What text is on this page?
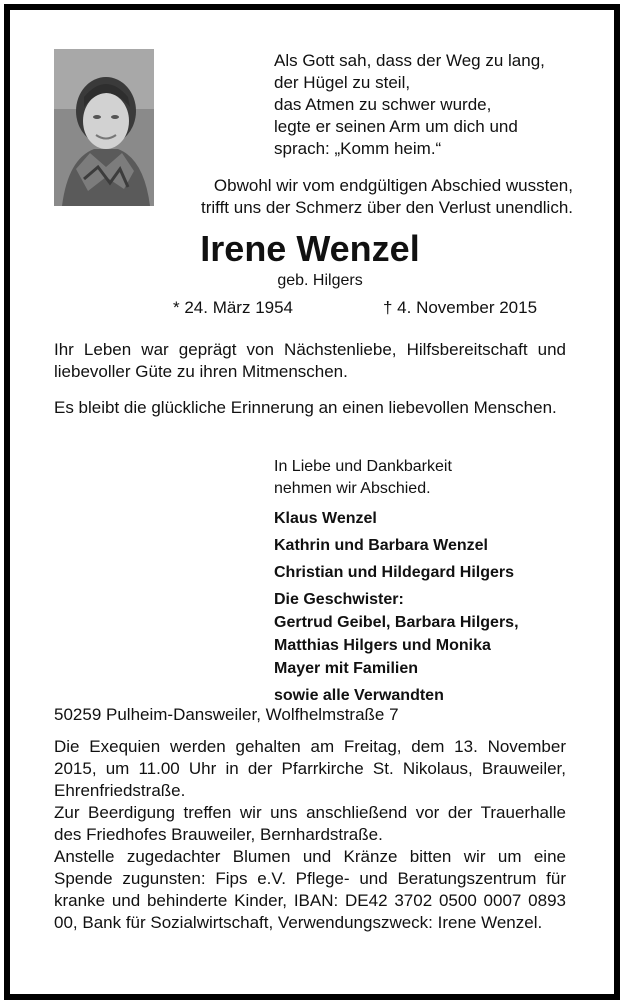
Als Gott sah, dass der Weg zu lang,
der Hügel zu steil,
das Atmen zu schwer wurde,
legte er seinen Arm um dich und
sprach: „Komm heim.“
Obwohl wir vom endgültigen Abschied wussten,
trifft uns der Schmerz über den Verlust unendlich.
Irene Wenzel
geb. Hilgers
* 24. März 1954	† 4. November 2015
Ihr Leben war geprägt von Nächstenliebe, Hilfsbereitschaft und liebevoller Güte zu ihren Mitmenschen.
Es bleibt die glückliche Erinnerung an einen liebevollen Menschen.
In Liebe und Dankbarkeit
nehmen wir Abschied.
Klaus Wenzel
Kathrin und Barbara Wenzel
Christian und Hildegard Hilgers
Die Geschwister:
Gertrud Geibel, Barbara Hilgers,
Matthias Hilgers und Monika
Mayer mit Familien
sowie alle Verwandten
50259 Pulheim-Dansweiler, Wolfhelmstraße 7

Die Exequien werden gehalten am Freitag, dem 13. November 2015, um 11.00 Uhr in der Pfarrkirche St. Nikolaus, Brauweiler, Ehrenfriedstraße.

Zur Beerdigung treffen wir uns anschließend vor der Trauerhalle des Friedhofes Brauweiler, Bernhardstraße.

Anstelle zugedachter Blumen und Kränze bitten wir um eine Spende zugunsten: Fips e.V. Pflege- und Beratungszentrum für kranke und behinderte Kinder, IBAN: DE42 3702 0500 0007 0893 00, Bank für Sozialwirtschaft, Verwendungszweck: Irene Wenzel.
